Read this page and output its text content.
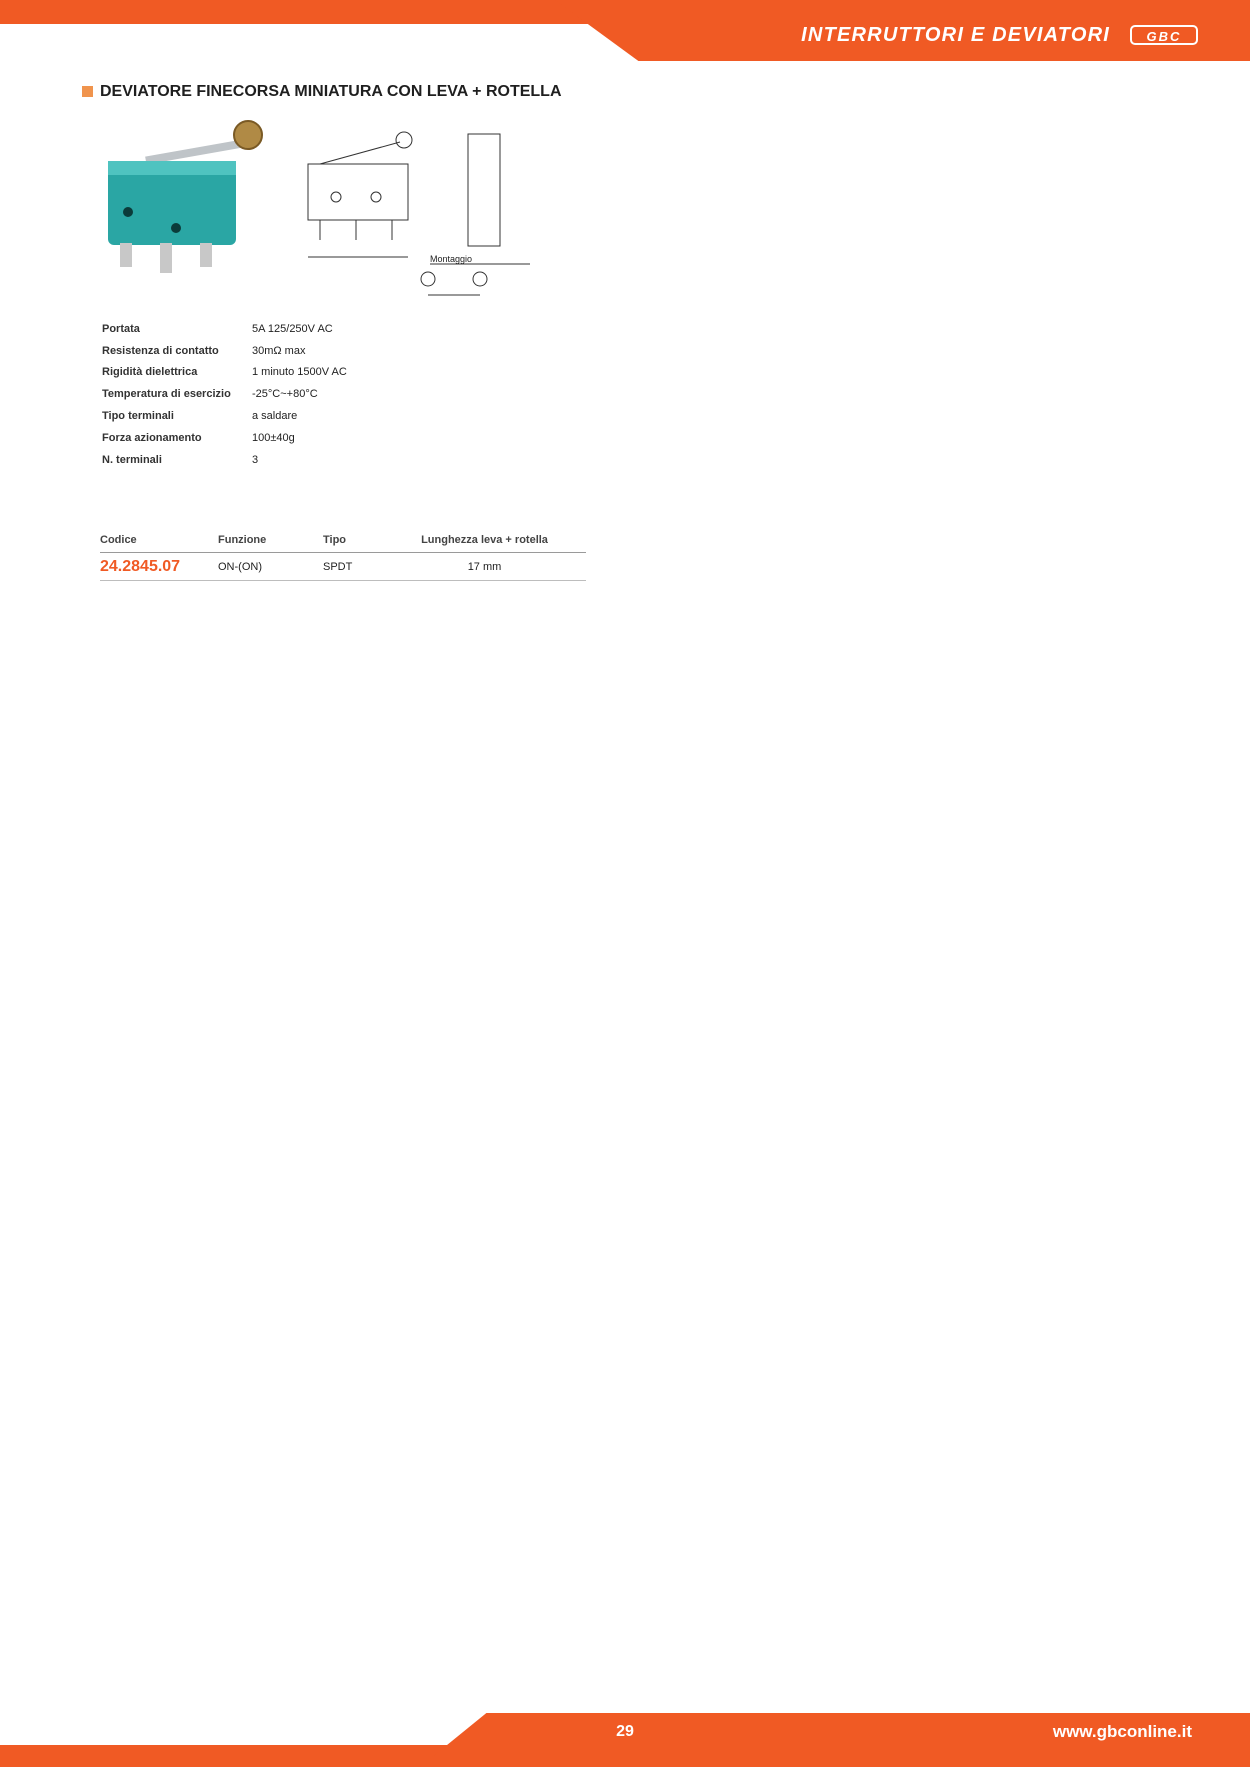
INTERRUTTORI E DEVIATORI	GBC
DEVIATORE FINECORSA MINIATURA CON LEVA + ROTELLA
Montaggio
Portata	5A 125/250V AC
Resistenza di contatto	30mΩ max
Rigidità dielettrica	1 minuto 1500V AC
Temperatura di esercizio	-25°C~+80°C
Tipo terminali	a saldare
Forza azionamento	100±40g
N. terminali	3
Codice	Funzione	Tipo	Lunghezza leva + rotella
24.2845.07	ON-(ON)	SPDT	17 mm
29	www.gbconline.it
